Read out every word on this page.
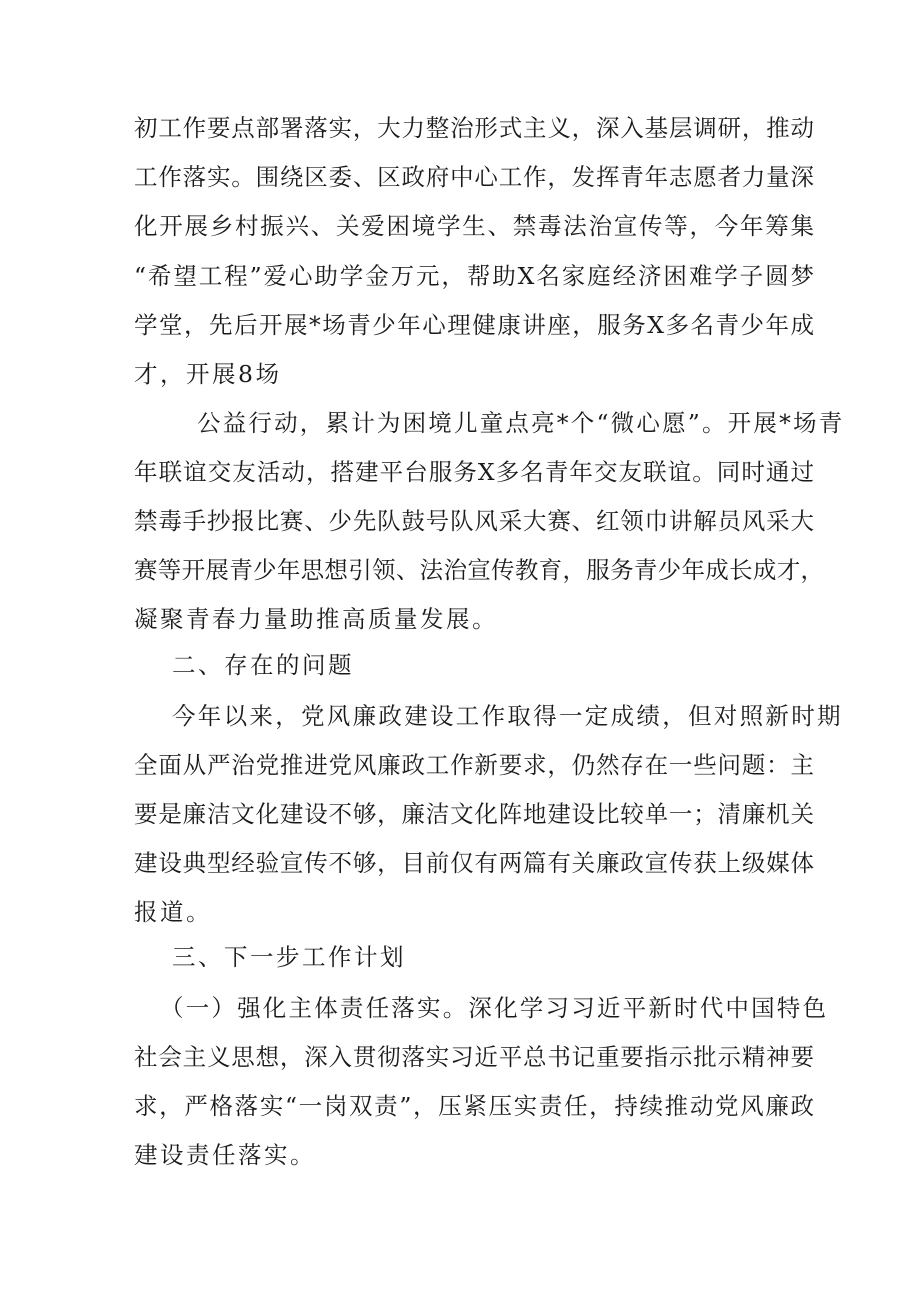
初工作要点部署落实，大力整治形式主义，深入基层调研，推动
工作落实。围绕区委、区政府中心工作，发挥青年志愿者力量深
化开展乡村振兴、关爱困境学生、禁毒法治宣传等，今年筹集
“希望工程”爱心助学金万元，帮助X名家庭经济困难学子圆梦
学堂，先后开展*场青少年心理健康讲座，服务X多名青少年成
才，开展8场
公益行动，累计为困境儿童点亮*个“微心愿”。开展*场青
年联谊交友活动，搭建平台服务X多名青年交友联谊。同时通过
禁毒手抄报比赛、少先队鼓号队风采大赛、红领巾讲解员风采大
赛等开展青少年思想引领、法治宣传教育，服务青少年成长成才，
凝聚青春力量助推高质量发展。
二、存在的问题
今年以来，党风廉政建设工作取得一定成绩，但对照新时期
全面从严治党推进党风廉政工作新要求，仍然存在一些问题：主
要是廉洁文化建设不够，廉洁文化阵地建设比较单一；清廉机关
建设典型经验宣传不够，目前仅有两篇有关廉政宣传获上级媒体
报道。
三、下一步工作计划
（一）强化主体责任落实。深化学习习近平新时代中国特色
社会主义思想，深入贯彻落实习近平总书记重要指示批示精神要
求，严格落实“一岗双责”，压紧压实责任，持续推动党风廉政
建设责任落实。
